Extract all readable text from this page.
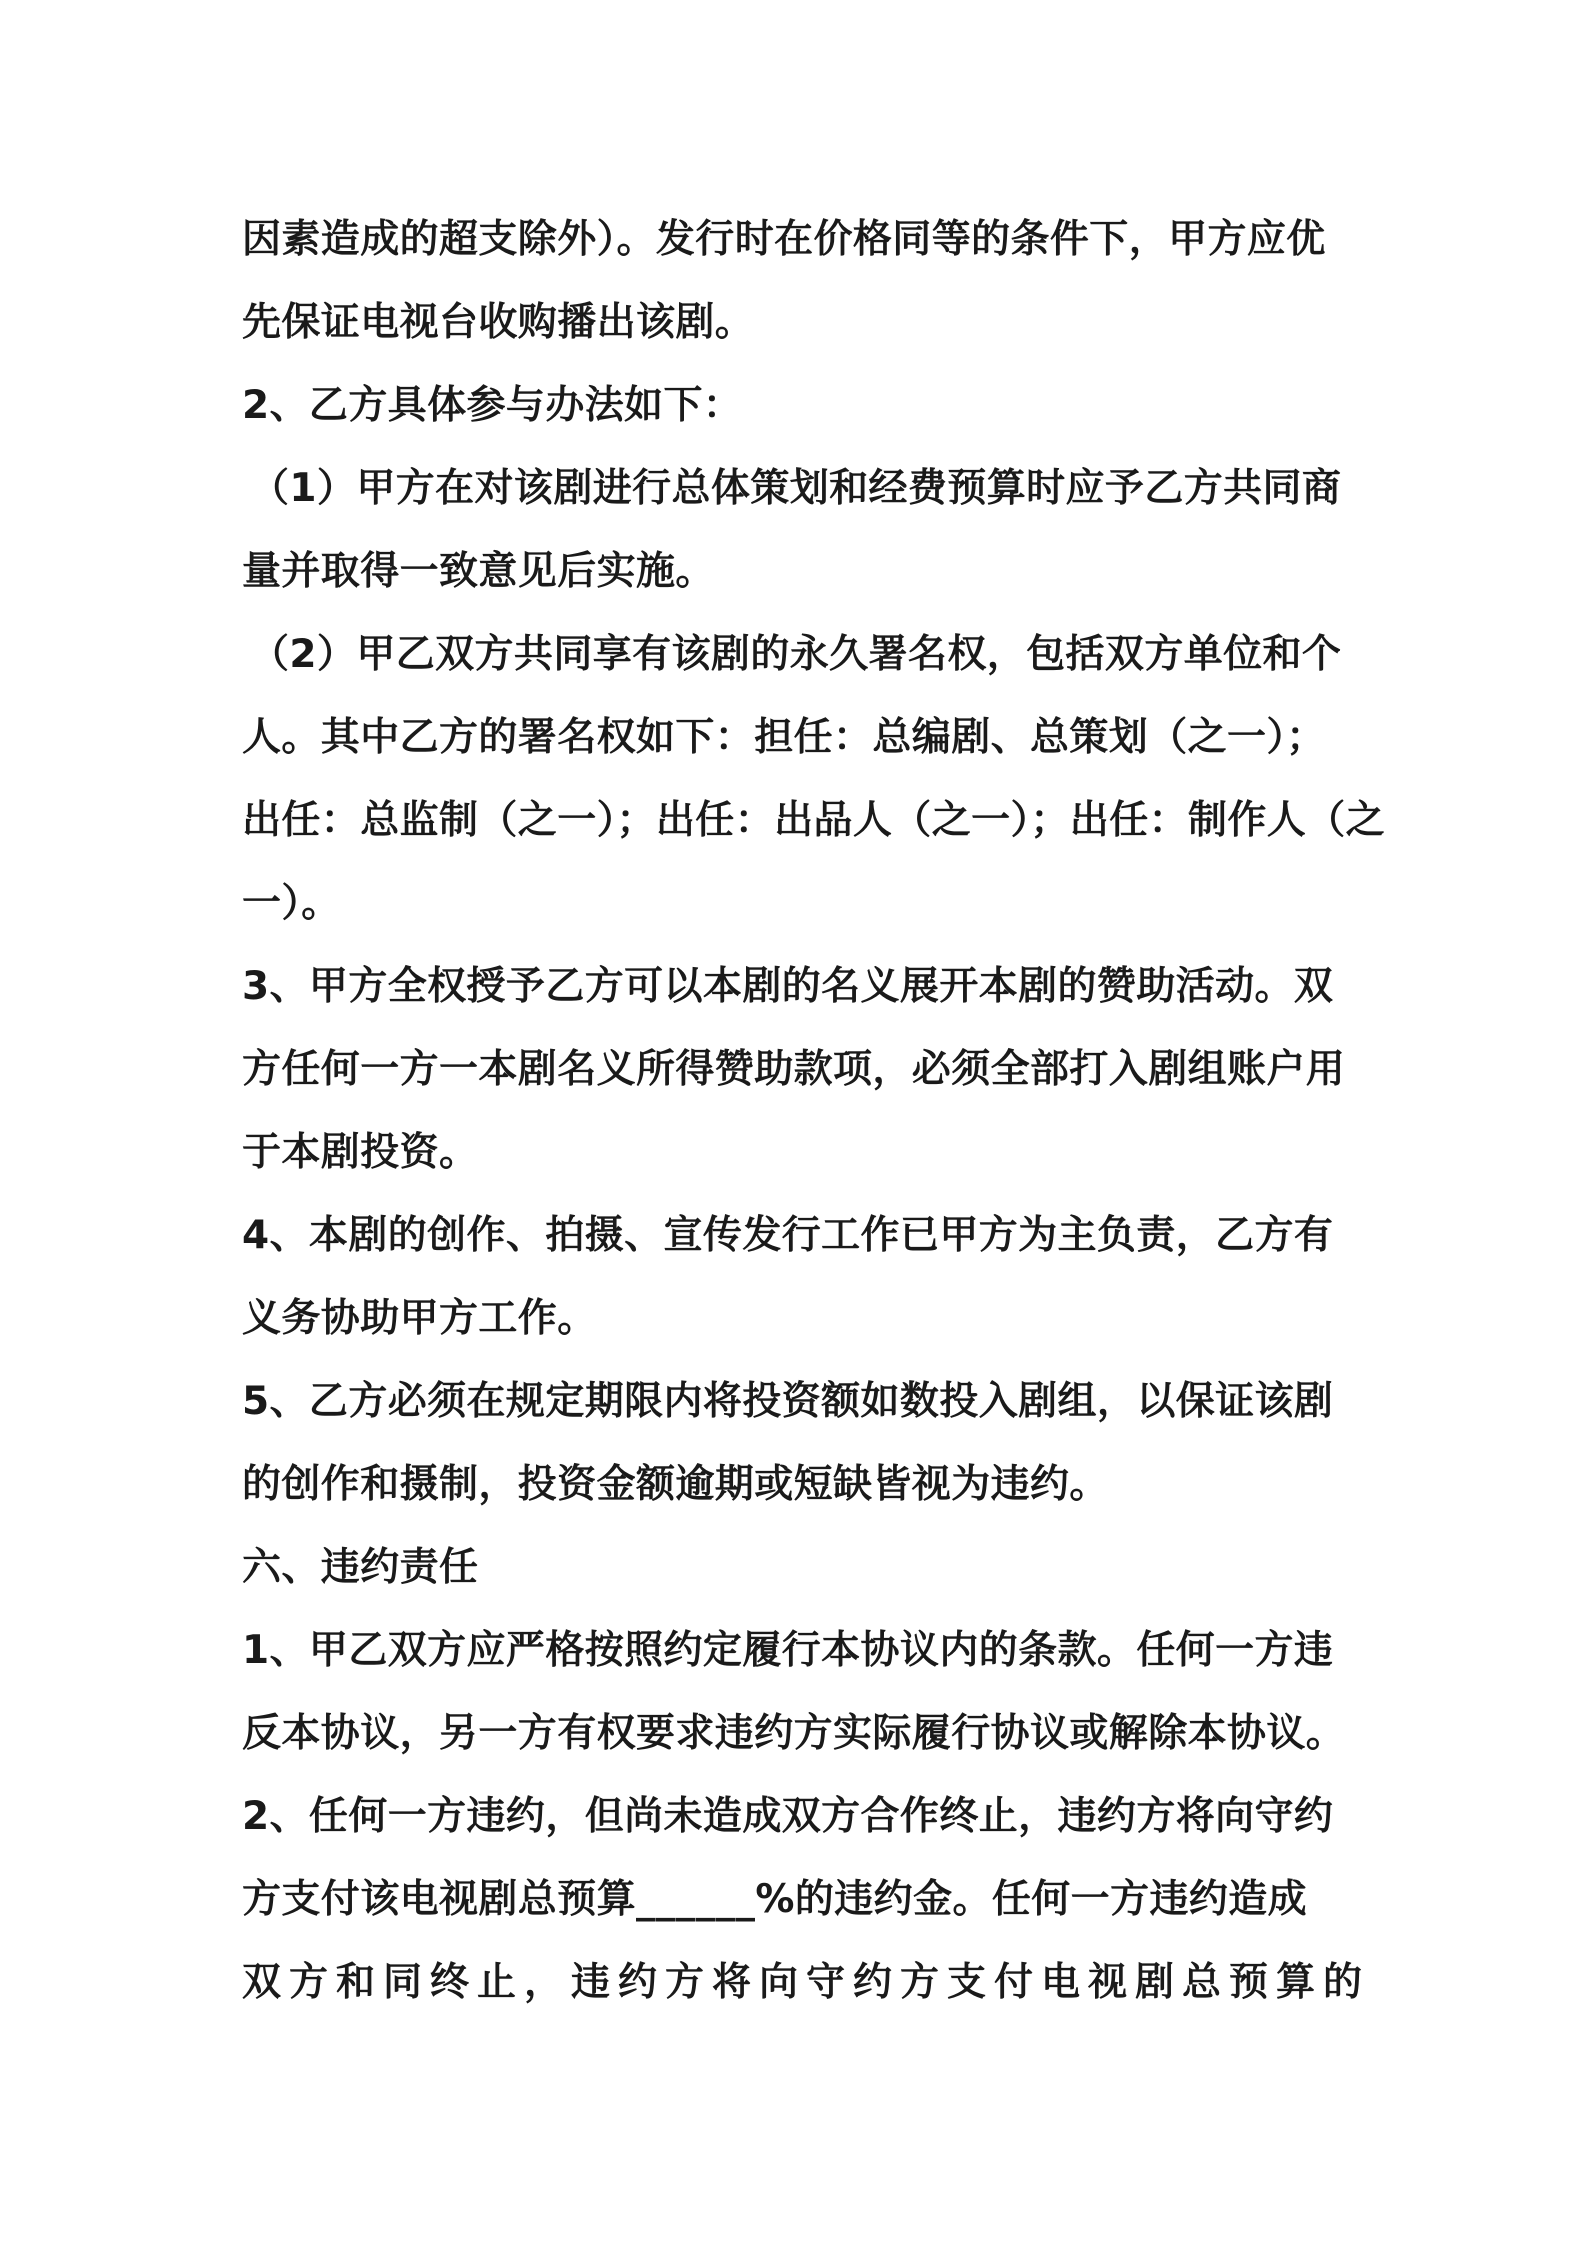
因素造成的超支除外）。发行时在价格同等的条件下，甲方应优
先保证电视台收购播出该剧。
2、乙方具体参与办法如下：
（1）甲方在对该剧进行总体策划和经费预算时应予乙方共同商
量并取得一致意见后实施。
（2）甲乙双方共同享有该剧的永久署名权，包括双方单位和个
人。其中乙方的署名权如下：担任：总编剧、总策划（之一）；
出任：总监制（之一）；出任：出品人（之一）；出任：制作人（之
一）。
3、甲方全权授予乙方可以本剧的名义展开本剧的赞助活动。双
方任何一方一本剧名义所得赞助款项，必须全部打入剧组账户用
于本剧投资。
4、本剧的创作、拍摄、宣传发行工作已甲方为主负责，乙方有
义务协助甲方工作。
5、乙方必须在规定期限内将投资额如数投入剧组，以保证该剧
的创作和摄制，投资金额逾期或短缺皆视为违约。
六、违约责任
1、甲乙双方应严格按照约定履行本协议内的条款。任何一方违
反本协议，另一方有权要求违约方实际履行协议或解除本协议。
2、任何一方违约，但尚未造成双方合作终止，违约方将向守约
方支付该电视剧总预算______%的违约金。任何一方违约造成
双方和同终止，违约方将向守约方支付电视剧总预算的
